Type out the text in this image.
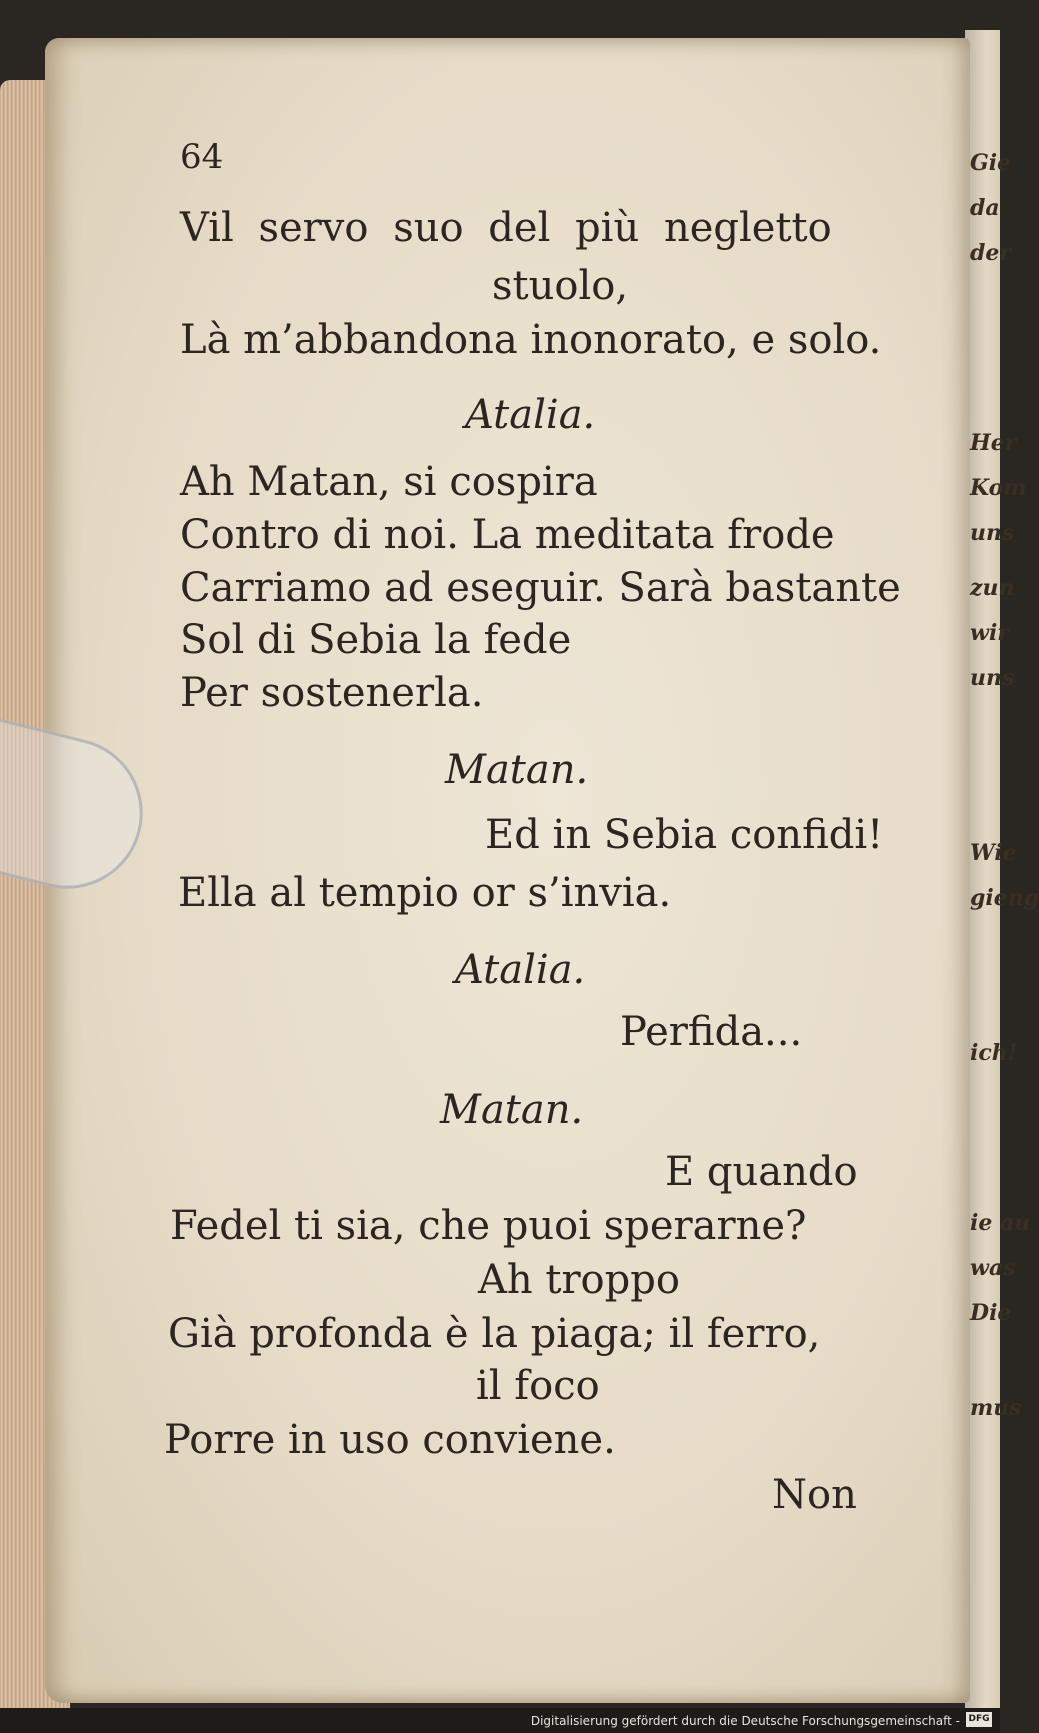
Gie
da
der
Her
Kom
uns
zun
wir
uns
Wie
gieng
ich!
ie au
was
Die
mus
64
Vil servo suo del più negletto
stuolo,
Là m’abbandona inonorato, e solo.
Atalia.
Ah Matan, si cospira
Contro di noi. La meditata frode
Carriamo ad eseguir. Sarà bastante
Sol di Sebia la fede
Per sostenerla.
Matan.
Ed in Sebia confidi!
Ella al tempio or s’invia.
Atalia.
Perfida...
Matan.
E quando
Fedel ti sia, che puoi sperarne?
Ah troppo
Già profonda è la piaga; il ferro,
il foco
Porre in uso conviene.
Non
Digitalisierung gefördert durch die Deutsche Forschungsgemeinschaft - DFG
